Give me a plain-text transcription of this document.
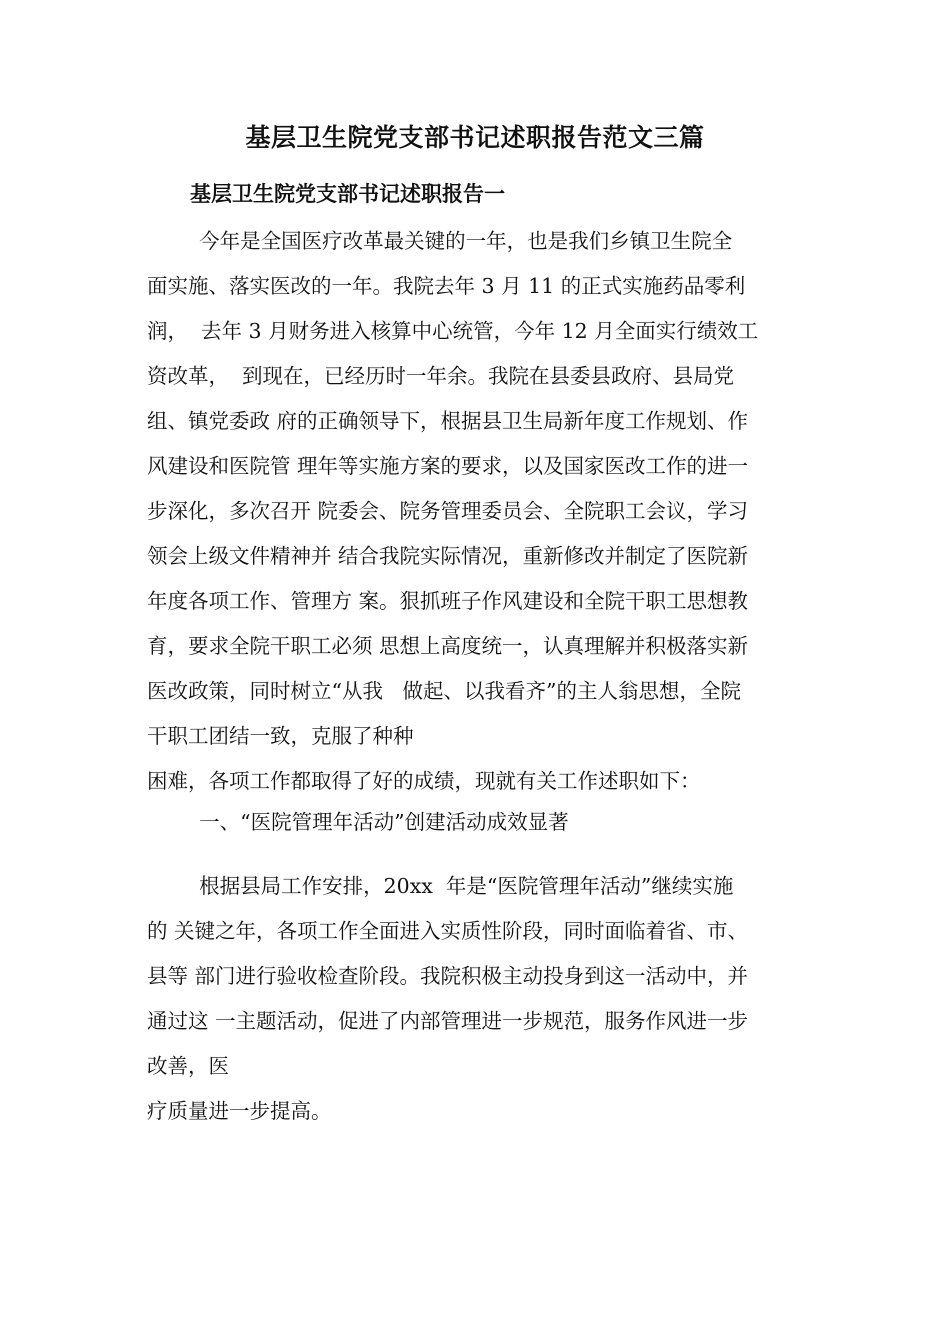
基层卫生院党支部书记述职报告范文三篇
基层卫生院党支部书记述职报告一
今年是全国医疗改革最关键的一年，也是我们乡镇卫生院全
面实施、落实医改的一年。我院去年 3 月 11 的正式实施药品零利
润，  去年 3 月财务进入核算中心统管，今年 12 月全面实行绩效工
资改革，  到现在，已经历时一年余。我院在县委县政府、县局党
组、镇党委政 府的正确领导下，根据县卫生局新年度工作规划、作
风建设和医院管 理年等实施方案的要求，以及国家医改工作的进一
步深化，多次召开 院委会、院务管理委员会、全院职工会议，学习
领会上级文件精神并 结合我院实际情况，重新修改并制定了医院新
年度各项工作、管理方 案。狠抓班子作风建设和全院干职工思想教
育，要求全院干职工必须 思想上高度统一，认真理解并积极落实新
医改政策，同时树立“从我   做起、以我看齐”的主人翁思想，全院
干职工团结一致，克服了种种
困难，各项工作都取得了好的成绩，现就有关工作述职如下：

一、“医院管理年活动”创建活动成效显著

根据县局工作安排，20xx  年是“医院管理年活动”继续实施
的 关键之年，各项工作全面进入实质性阶段，同时面临着省、市、
县等 部门进行验收检查阶段。我院积极主动投身到这一活动中，并
通过这 一主题活动，促进了内部管理进一步规范，服务作风进一步
改善，医
疗质量进一步提高。
